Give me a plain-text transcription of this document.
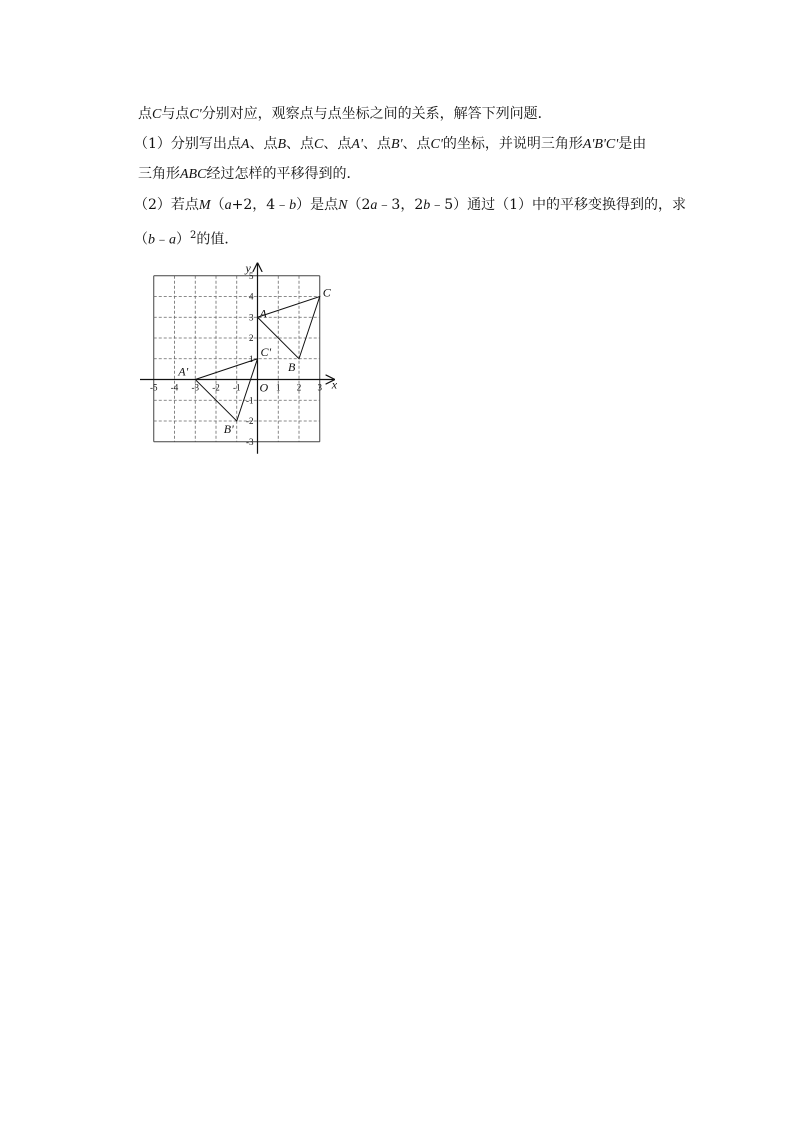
点C与点C'分别对应，观察点与点坐标之间的关系，解答下列问题．
（1）分别写出点A、点B、点C、点A'、点B'、点C'的坐标，并说明三角形A'B'C'是由
三角形ABC经过怎样的平移得到的．
（2）若点M（a+2，4﹣b）是点N（2a﹣3，2b﹣5）通过（1）中的平移变换得到的，求
（b﹣a）$^2$的值．
x
y
O
-5 -4 -3 -2 -1	1 2 3
5
4
3
2
1
-1
-2
-3
A
B
C
A'
B'
C'
